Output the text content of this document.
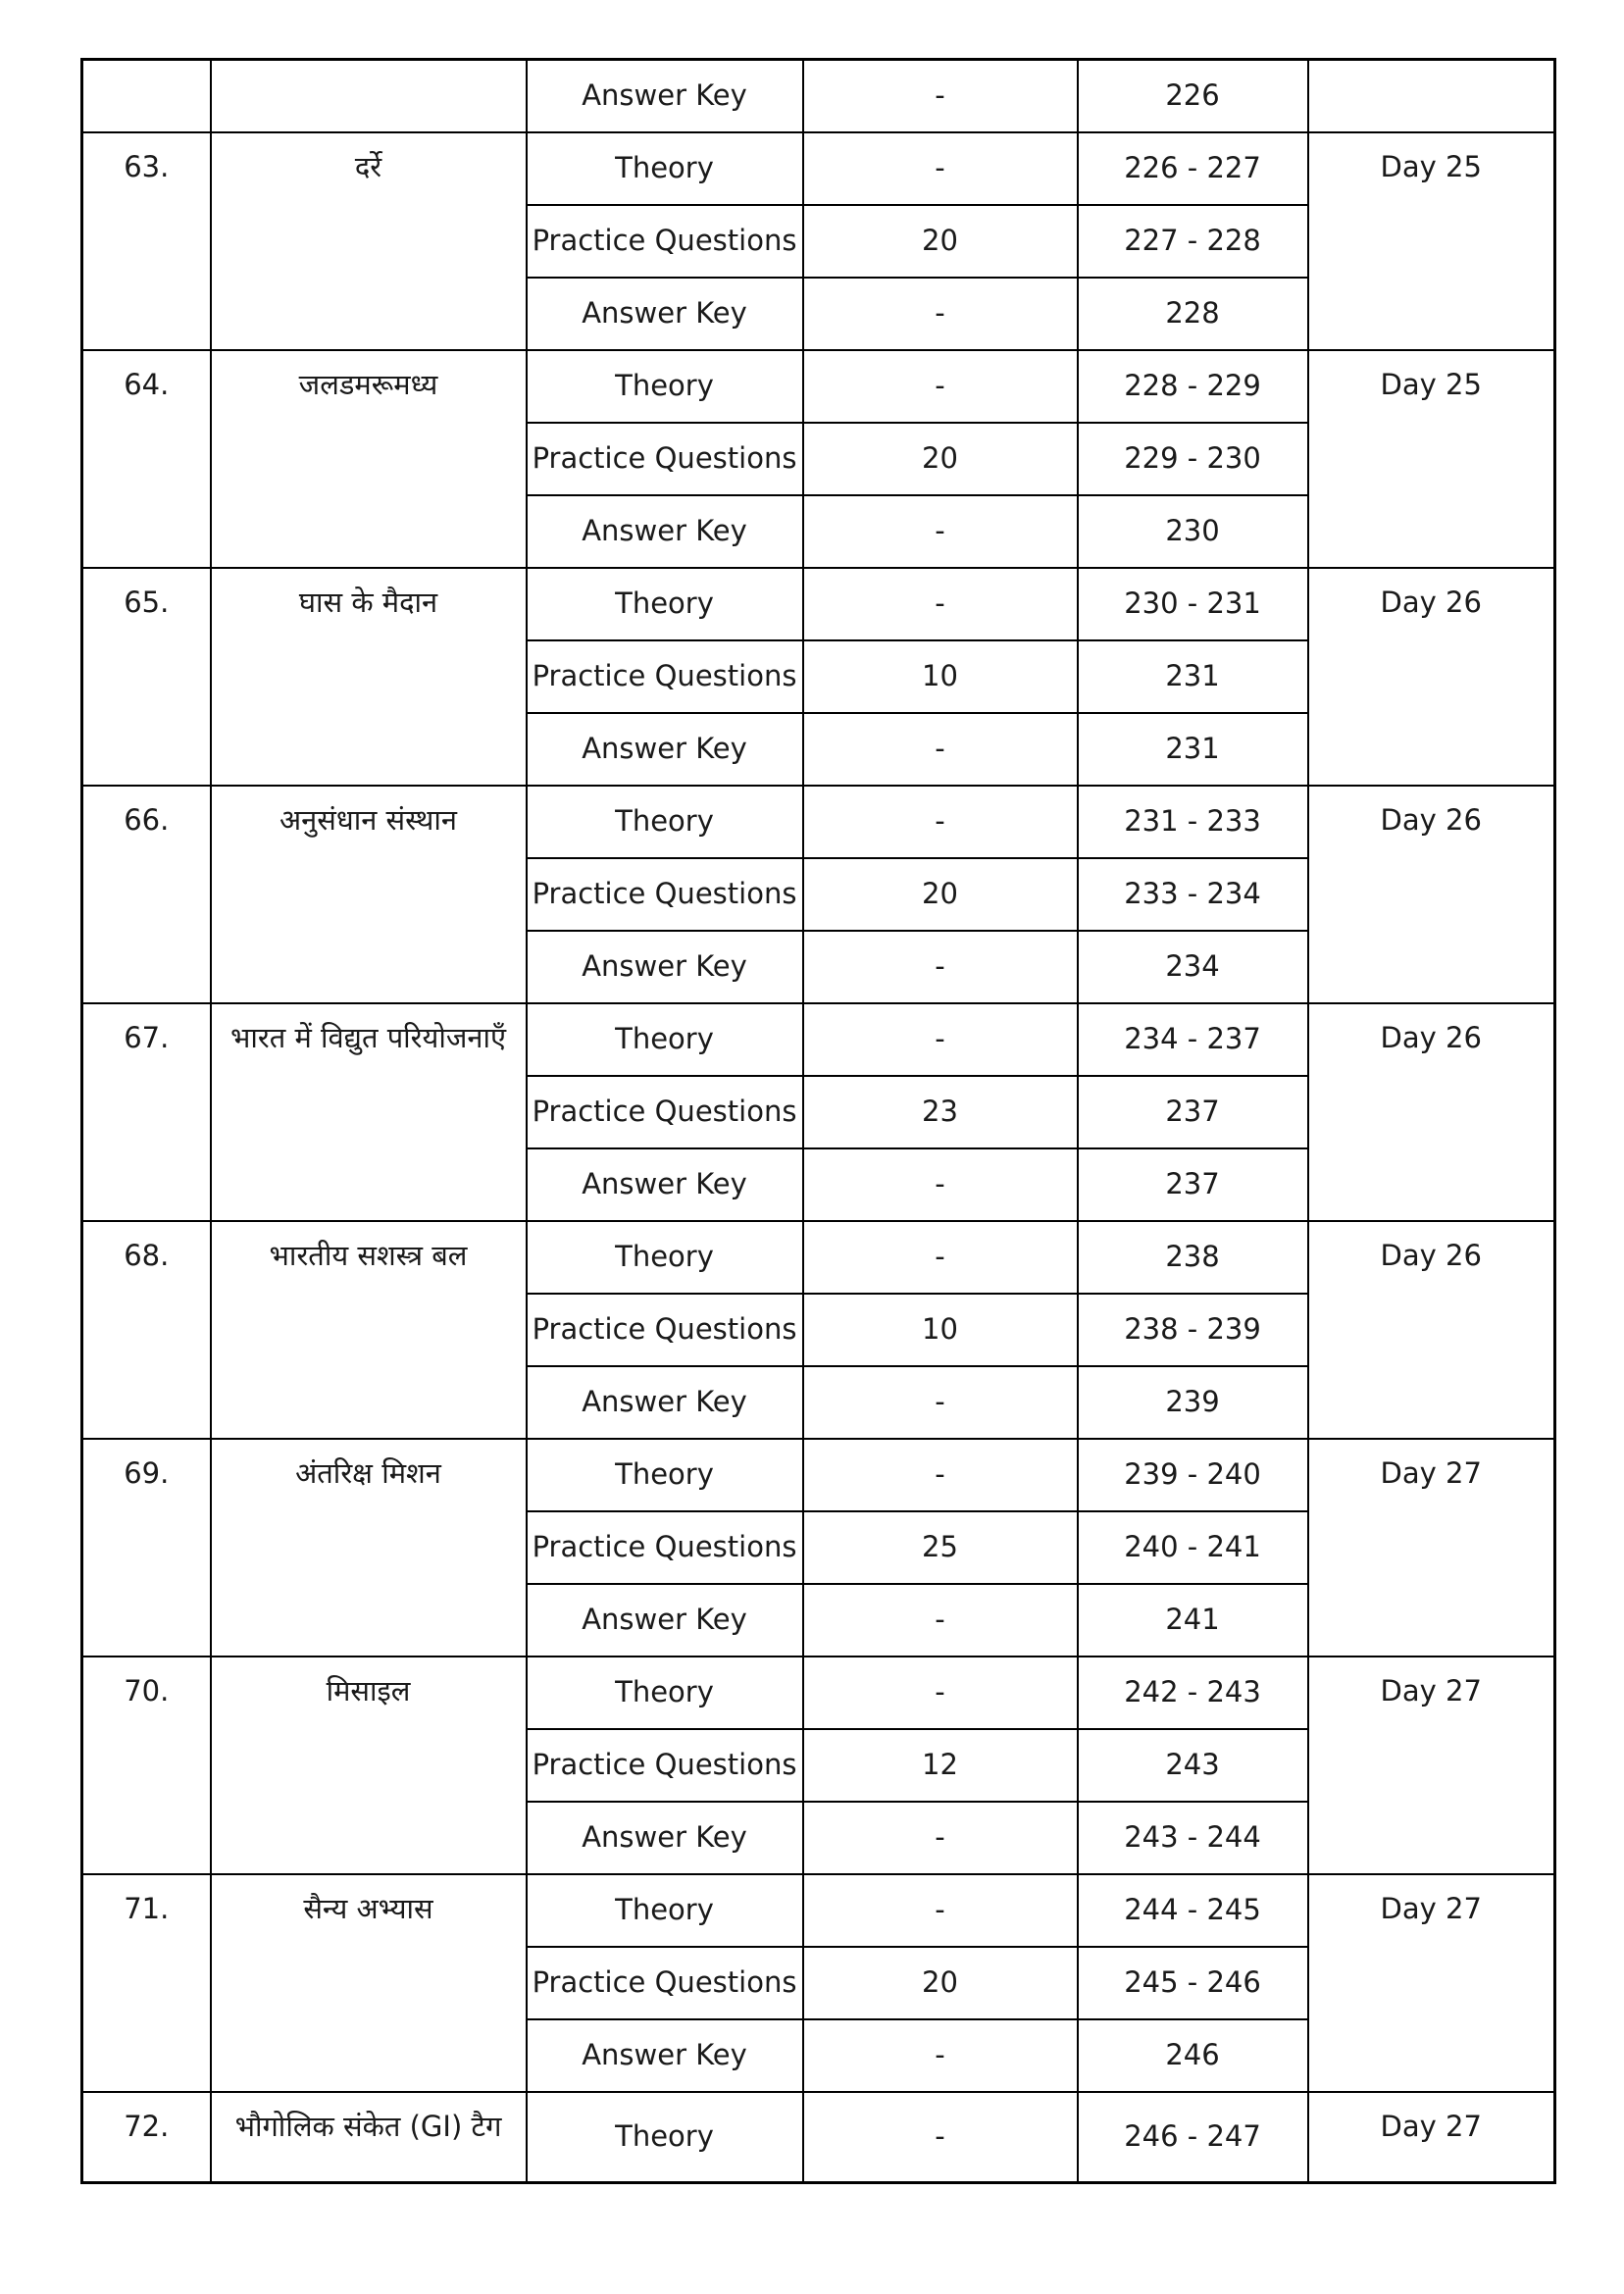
		Answer Key	-	226	
63.	दर्रे	Theory	-	226 - 227	Day 25
		Practice Questions	20	227 - 228	
		Answer Key	-	228	
64.	जलडमरूमध्य	Theory	-	228 - 229	Day 25
		Practice Questions	20	229 - 230	
		Answer Key	-	230	
65.	घास के मैदान	Theory	-	230 - 231	Day 26
		Practice Questions	10	231	
		Answer Key	-	231	
66.	अनुसंधान संस्थान	Theory	-	231 - 233	Day 26
		Practice Questions	20	233 - 234	
		Answer Key	-	234	
67.	भारत में विद्युत परियोजनाएँ	Theory	-	234 - 237	Day 26
		Practice Questions	23	237	
		Answer Key	-	237	
68.	भारतीय सशस्त्र बल	Theory	-	238	Day 26
		Practice Questions	10	238 - 239	
		Answer Key	-	239	
69.	अंतरिक्ष मिशन	Theory	-	239 - 240	Day 27
		Practice Questions	25	240 - 241	
		Answer Key	-	241	
70.	मिसाइल	Theory	-	242 - 243	Day 27
		Practice Questions	12	243	
		Answer Key	-	243 - 244	
71.	सैन्य अभ्यास	Theory	-	244 - 245	Day 27
		Practice Questions	20	245 - 246	
		Answer Key	-	246	
72.	भौगोलिक संकेत (GI) टैग	Theory	-	246 - 247	Day 27
